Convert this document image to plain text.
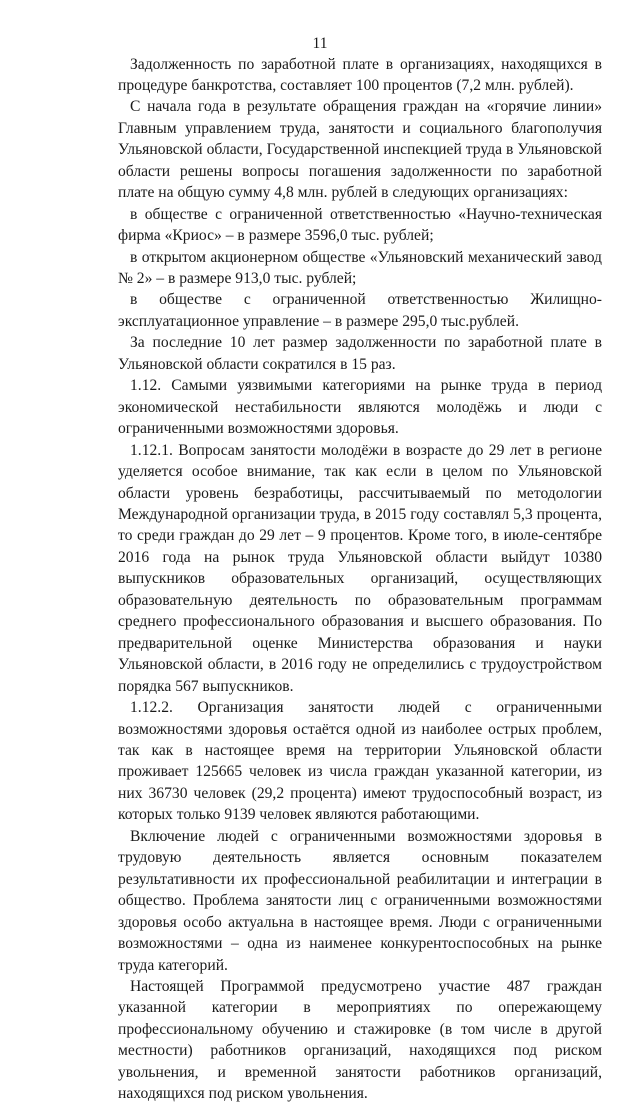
11

Задолженность по заработной плате в организациях, находящихся в процедуре банкротства, составляет 100 процентов (7,2 млн. рублей).

С начала года в результате обращения граждан на «горячие линии» Главным управлением труда, занятости и социального благополучия Ульяновской области, Государственной инспекцией труда в Ульяновской области решены вопросы погашения задолженности по заработной плате на общую сумму 4,8 млн. рублей в следующих организациях:

в обществе с ограниченной ответственностью «Научно-техническая фирма «Криос» – в размере 3596,0 тыс. рублей;

в открытом акционерном обществе «Ульяновский механический завод № 2» – в размере 913,0 тыс. рублей;

в обществе с ограниченной ответственностью Жилищно-эксплуатационное управление – в размере 295,0 тыс.рублей.

За последние 10 лет размер задолженности по заработной плате в Ульяновской области сократился в 15 раз.

1.12. Самыми уязвимыми категориями на рынке труда в период экономической нестабильности являются молодёжь и люди с ограниченными возможностями здоровья.

1.12.1. Вопросам занятости молодёжи в возрасте до 29 лет в регионе уделяется особое внимание, так как если в целом по Ульяновской области уровень безработицы, рассчитываемый по методологии Международной организации труда, в 2015 году составлял 5,3 процента, то среди граждан до 29 лет – 9 процентов. Кроме того, в июле-сентябре 2016 года на рынок труда Ульяновской области выйдут 10380 выпускников образовательных организаций, осуществляющих образовательную деятельность по образовательным программам среднего профессионального образования и высшего образования. По предварительной оценке Министерства образования и науки Ульяновской области, в 2016 году не определились с трудоустройством порядка 567 выпускников.

1.12.2. Организация занятости людей с ограниченными возможностями здоровья остаётся одной из наиболее острых проблем, так как в настоящее время на территории Ульяновской области проживает 125665 человек из числа граждан указанной категории, из них 36730 человек (29,2 процента) имеют трудоспособный возраст, из которых только 9139 человек являются работающими.

Включение людей с ограниченными возможностями здоровья в трудовую деятельность является основным показателем результативности их профессиональной реабилитации и интеграции в общество. Проблема занятости лиц с ограниченными возможностями здоровья особо актуальна в настоящее время. Люди с ограниченными возможностями – одна из наименее конкурентоспособных на рынке труда категорий.

Настоящей Программой предусмотрено участие 487 граждан указанной категории в мероприятиях по опережающему профессиональному обучению и стажировке (в том числе в другой местности) работников организаций, находящихся под риском увольнения, и временной занятости работников организаций, находящихся под риском увольнения.
